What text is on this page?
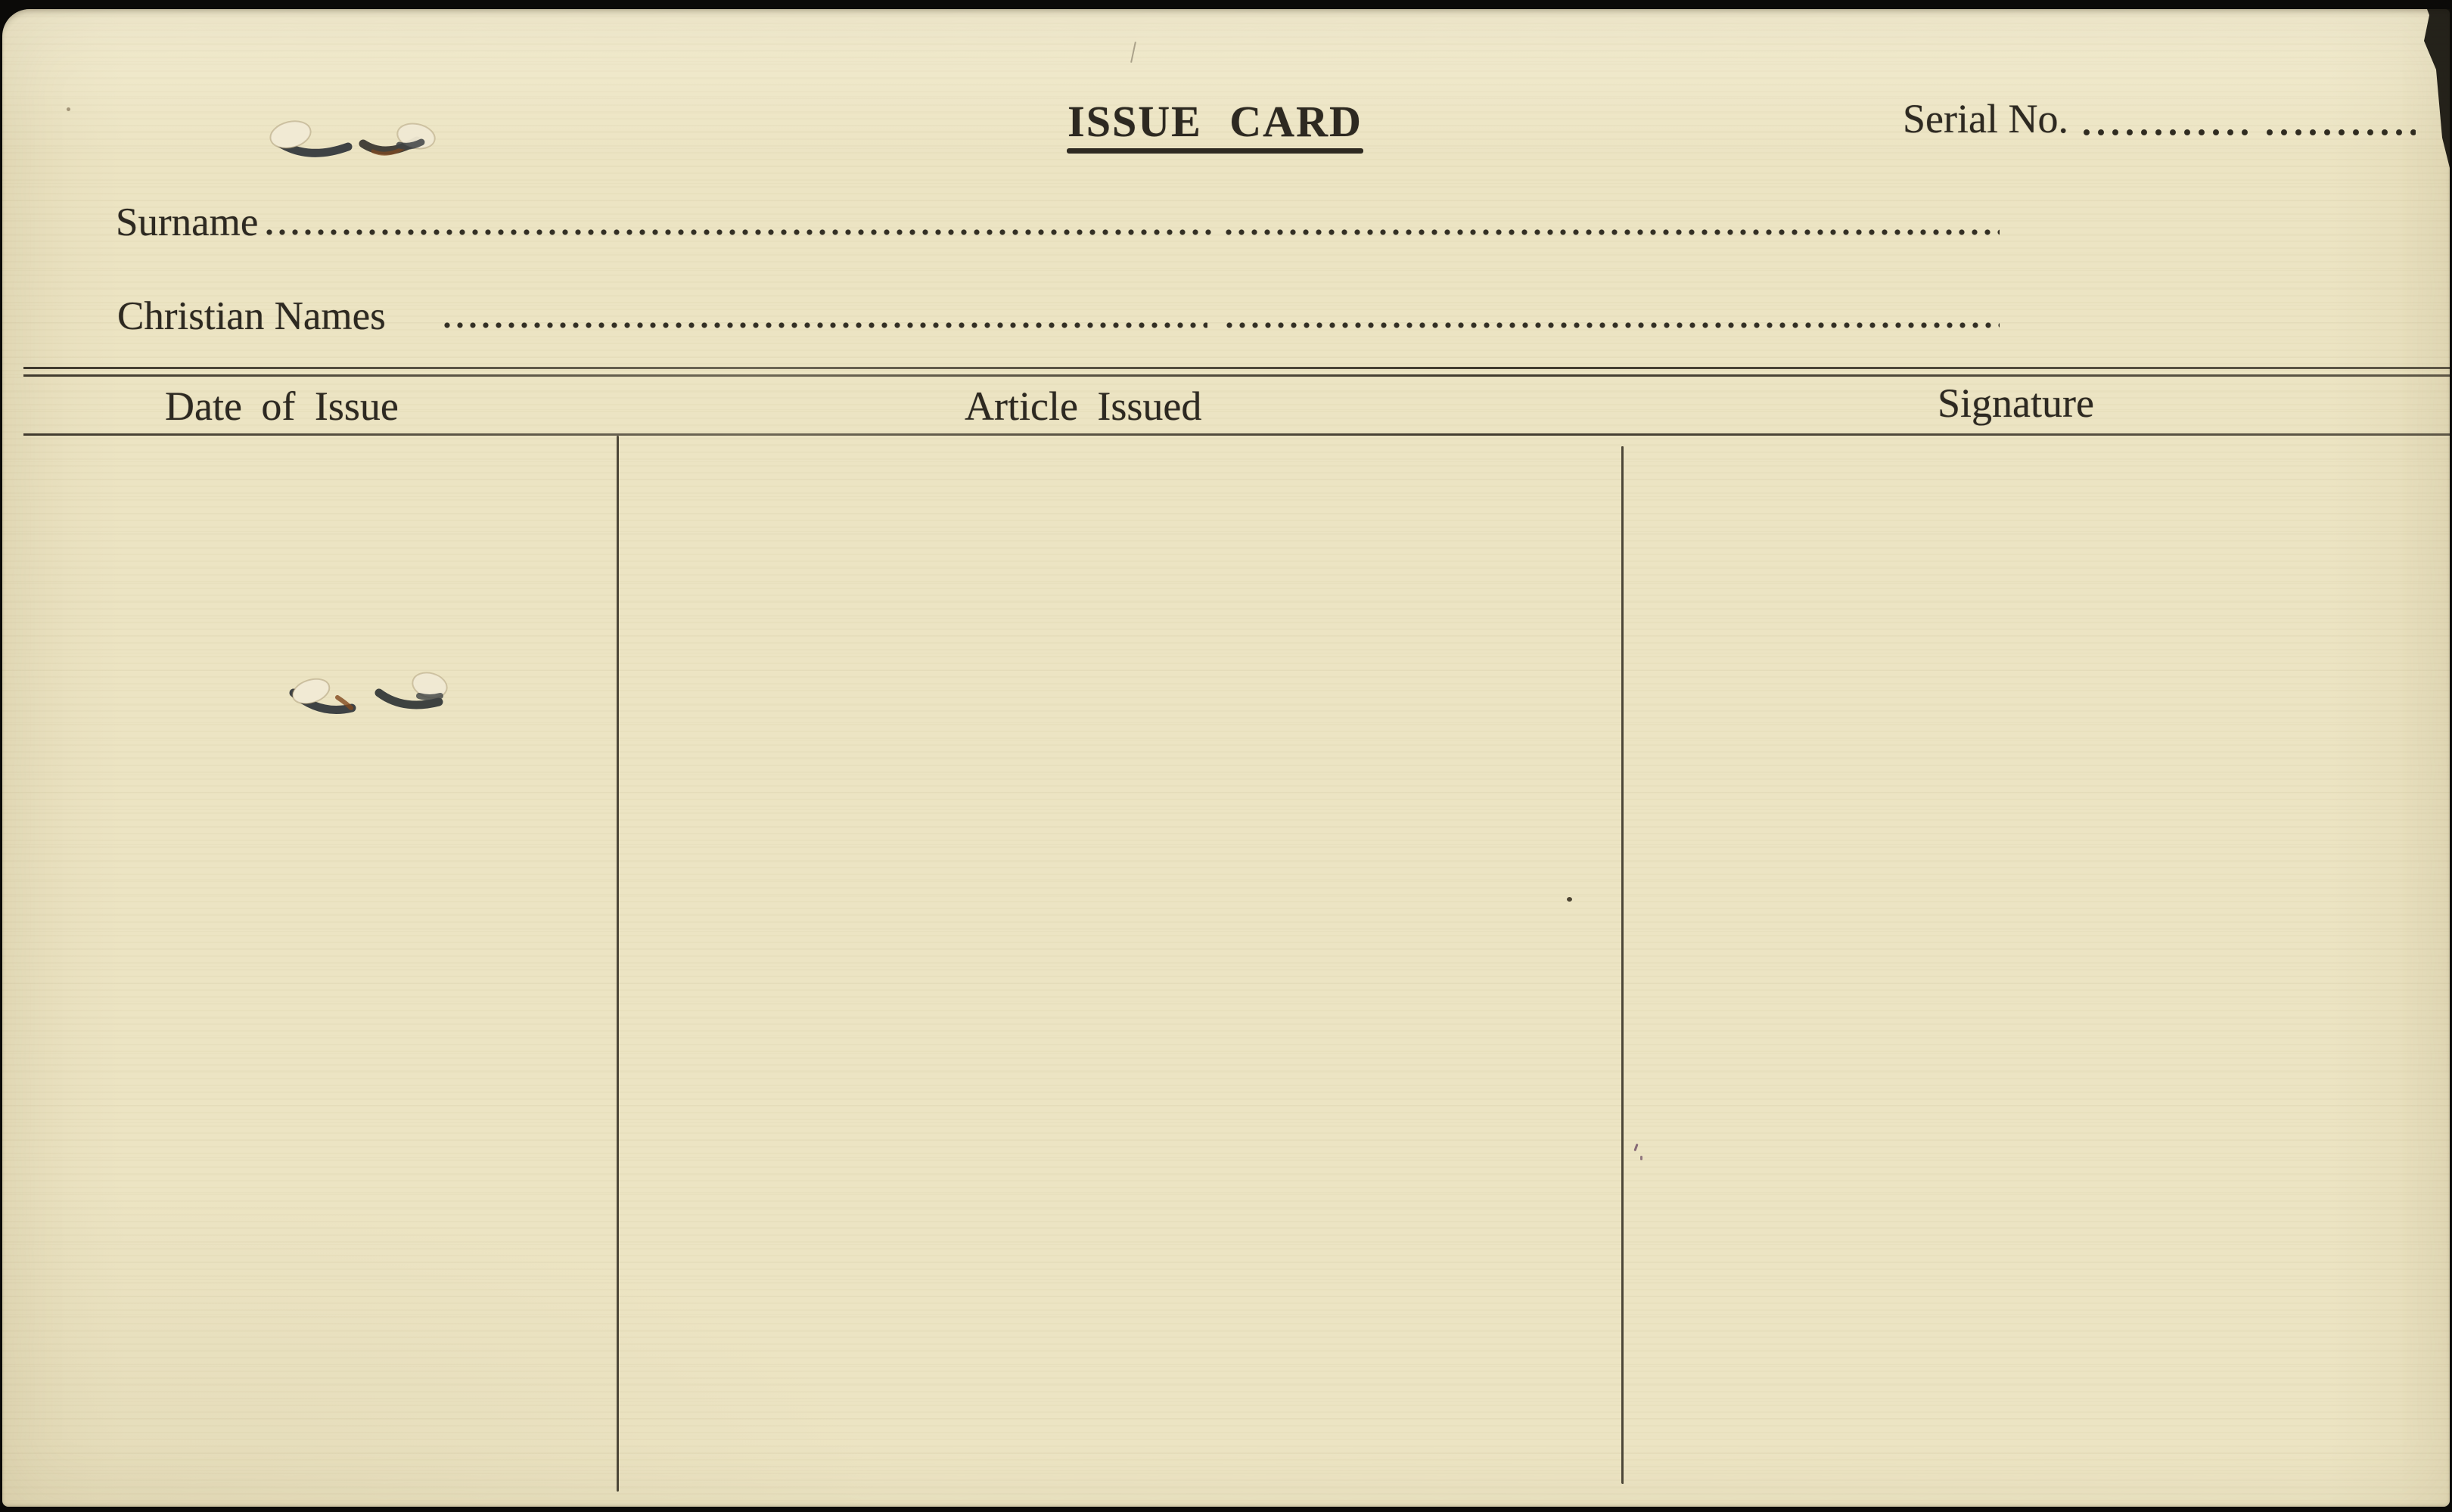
ISSUE CARD	Serial No.
Surname
Christian Names
Date of Issue	Article Issued	Signature
